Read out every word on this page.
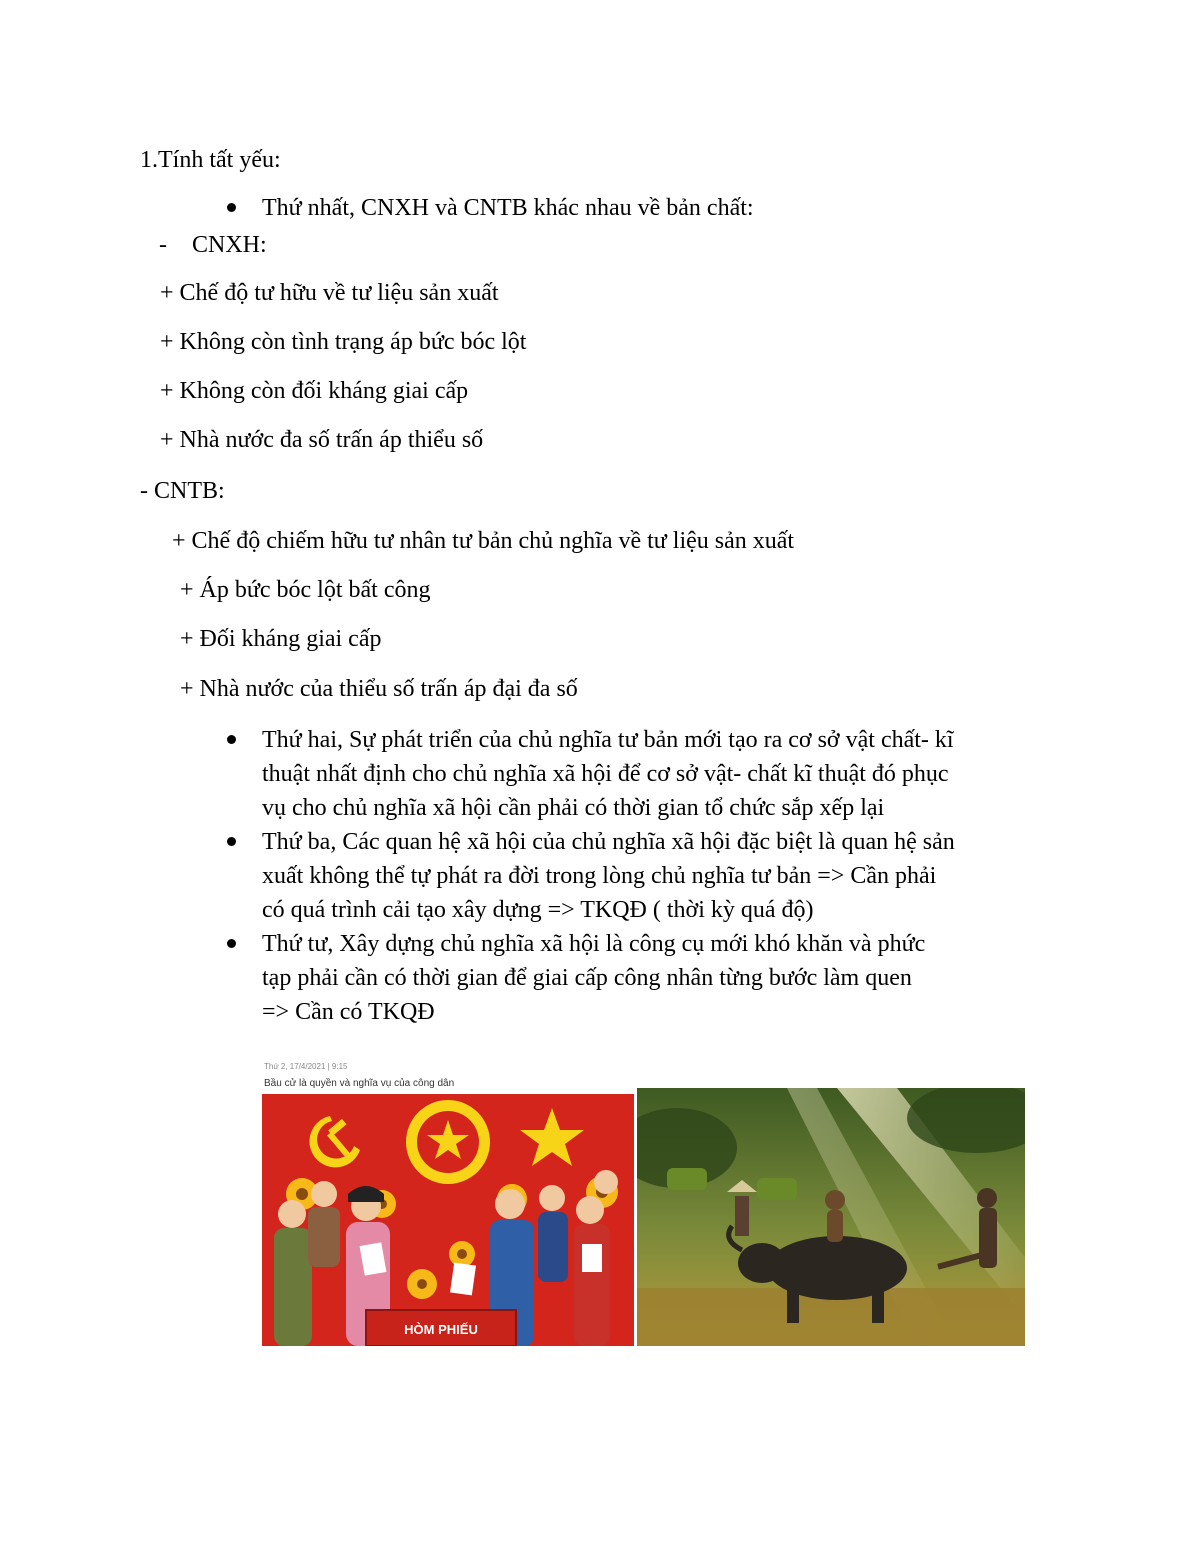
1.Tính tất yếu:
Thứ nhất, CNXH và CNTB khác nhau về bản chất:
- CNXH:
+ Chế độ tư hữu về tư liệu sản xuất
+ Không còn tình trạng áp bức bóc lột
+ Không còn đối kháng giai cấp
+ Nhà nước đa số trấn áp thiểu số
- CNTB:
+ Chế độ chiếm hữu tư nhân tư bản chủ nghĩa về tư liệu sản xuất
+ Áp bức bóc lột bất công
+ Đối kháng giai cấp
+ Nhà nước của thiểu số trấn áp đại đa số
Thứ hai, Sự phát triển của chủ nghĩa tư bản mới tạo ra cơ sở vật chất- kĩ
thuật nhất định cho chủ nghĩa xã hội để cơ sở vật- chất kĩ thuật đó phục
vụ cho chủ nghĩa xã hội cần phải có thời gian tổ chức sắp xếp lại
Thứ ba, Các quan hệ xã hội của chủ nghĩa xã hội đặc biệt là quan hệ sản
xuất không thể tự phát ra đời trong lòng chủ nghĩa tư bản => Cần phải
có quá trình cải tạo xây dựng => TKQĐ ( thời kỳ quá độ)
Thứ tư, Xây dựng chủ nghĩa xã hội là công cụ mới khó khăn và phức
tạp phải cần có thời gian để giai cấp công nhân từng bước làm quen
=> Cần có TKQĐ
Thứ 2, 17/4/2021 | 9:15
Bầu cử là quyền và nghĩa vụ của công dân
HÒM PHIẾU
